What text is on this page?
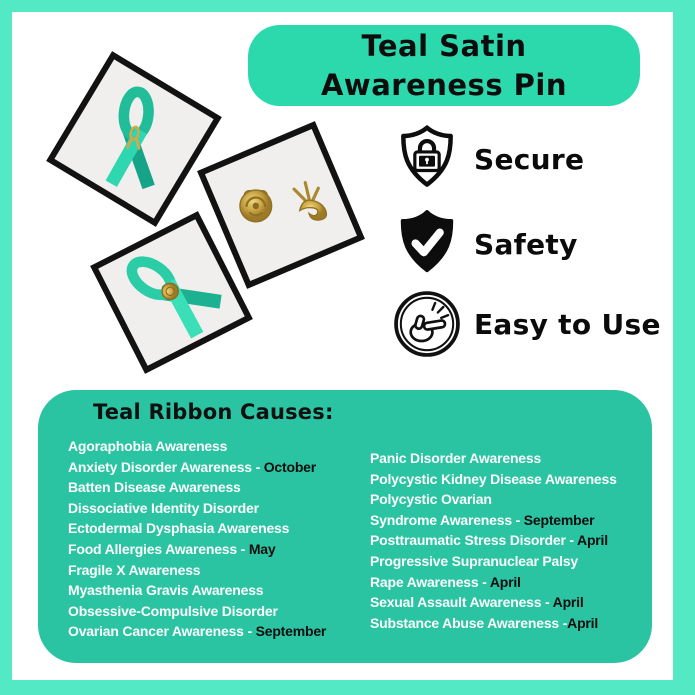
Teal Satin
Awareness Pin
Secure
Safety
Easy to Use
Teal Ribbon Causes:
Agoraphobia Awareness
Anxiety Disorder Awareness - October
Batten Disease Awareness
Dissociative Identity Disorder
Ectodermal Dysphasia Awareness
Food Allergies Awareness - May
Fragile X Awareness
Myasthenia Gravis Awareness
Obsessive-Compulsive Disorder
Ovarian Cancer Awareness - September
Panic Disorder Awareness
Polycystic Kidney Disease Awareness
Polycystic Ovarian
Syndrome Awareness - September
Posttraumatic Stress Disorder - April
Progressive Supranuclear Palsy
Rape Awareness - April
Sexual Assault Awareness - April
Substance Abuse Awareness -April
